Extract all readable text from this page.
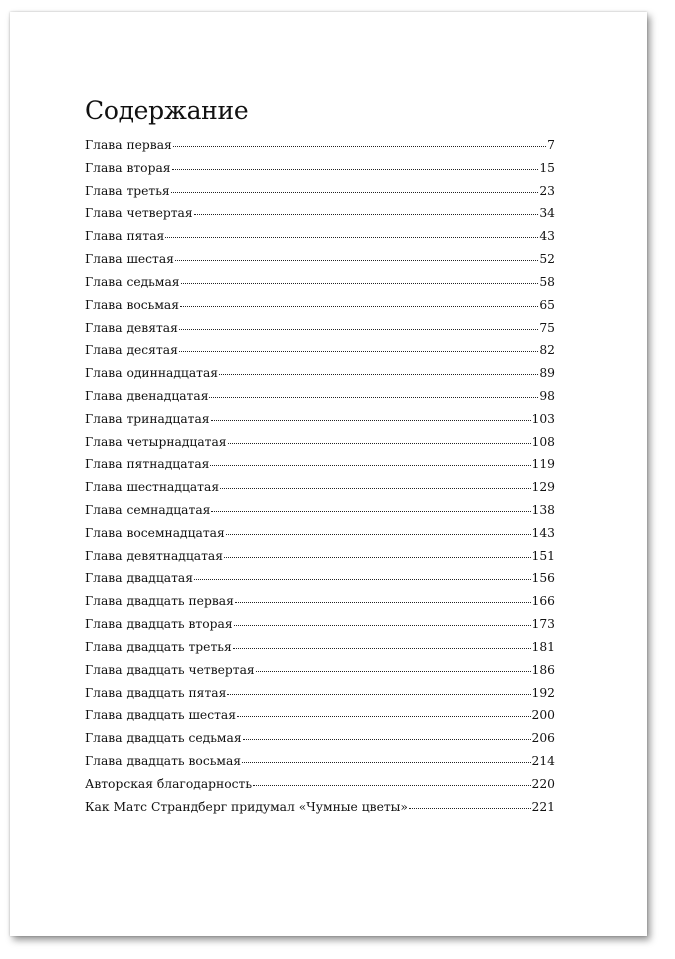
Содержание
Глава первая	7
Глава вторая	15
Глава третья	23
Глава четвертая	34
Глава пятая	43
Глава шестая	52
Глава седьмая	58
Глава восьмая	65
Глава девятая	75
Глава десятая	82
Глава одиннадцатая	89
Глава двенадцатая	98
Глава тринадцатая	103
Глава четырнадцатая	108
Глава пятнадцатая	119
Глава шестнадцатая	129
Глава семнадцатая	138
Глава восемнадцатая	143
Глава девятнадцатая	151
Глава двадцатая	156
Глава двадцать первая	166
Глава двадцать вторая	173
Глава двадцать третья	181
Глава двадцать четвертая	186
Глава двадцать пятая	192
Глава двадцать шестая	200
Глава двадцать седьмая	206
Глава двадцать восьмая	214
Авторская благодарность	220
Как Матс Страндберг придумал «Чумные цветы»	221
